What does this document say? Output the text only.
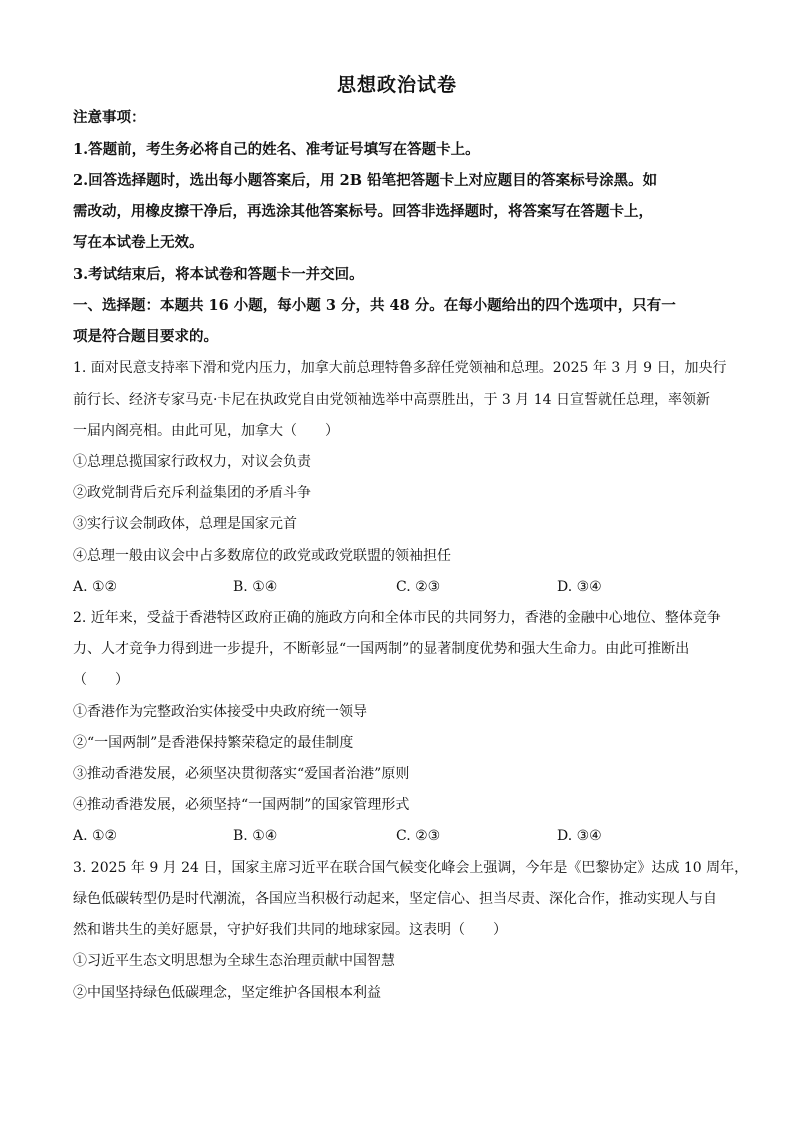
思想政治试卷
注意事项：
1.答题前，考生务必将自己的姓名、准考证号填写在答题卡上。
2.回答选择题时，选出每小题答案后，用 2B 铅笔把答题卡上对应题目的答案标号涂黑。如
需改动，用橡皮擦干净后，再选涂其他答案标号。回答非选择题时，将答案写在答题卡上，
写在本试卷上无效。
3.考试结束后，将本试卷和答题卡一并交回。
一、选择题：本题共 16 小题，每小题 3 分，共 48 分。在每小题给出的四个选项中，只有一
项是符合题目要求的。
1. 面对民意支持率下滑和党内压力，加拿大前总理特鲁多辞任党领袖和总理。2025 年 3 月 9 日，加央行
前行长、经济专家马克·卡尼在执政党自由党领袖选举中高票胜出，于 3 月 14 日宣誓就任总理，率领新
一届内阁亮相。由此可见，加拿大（　　）
①总理总揽国家行政权力，对议会负责
②政党制背后充斥利益集团的矛盾斗争
③实行议会制政体，总理是国家元首
④总理一般由议会中占多数席位的政党或政党联盟的领袖担任
A. ①②	B. ①④	C. ②③	D. ③④
2. 近年来，受益于香港特区政府正确的施政方向和全体市民的共同努力，香港的金融中心地位、整体竞争
力、人才竞争力得到进一步提升，不断彰显“一国两制”的显著制度优势和强大生命力。由此可推断出
（　　）
①香港作为完整政治实体接受中央政府统一领导
②“一国两制”是香港保持繁荣稳定的最佳制度
③推动香港发展，必须坚决贯彻落实“爱国者治港”原则
④推动香港发展，必须坚持“一国两制”的国家管理形式
A. ①②	B. ①④	C. ②③	D. ③④
3. 2025 年 9 月 24 日，国家主席习近平在联合国气候变化峰会上强调，今年是《巴黎协定》达成 10 周年，
绿色低碳转型仍是时代潮流，各国应当积极行动起来，坚定信心、担当尽责、深化合作，推动实现人与自
然和谐共生的美好愿景，守护好我们共同的地球家园。这表明（　　）
①习近平生态文明思想为全球生态治理贡献中国智慧
②中国坚持绿色低碳理念，坚定维护各国根本利益
